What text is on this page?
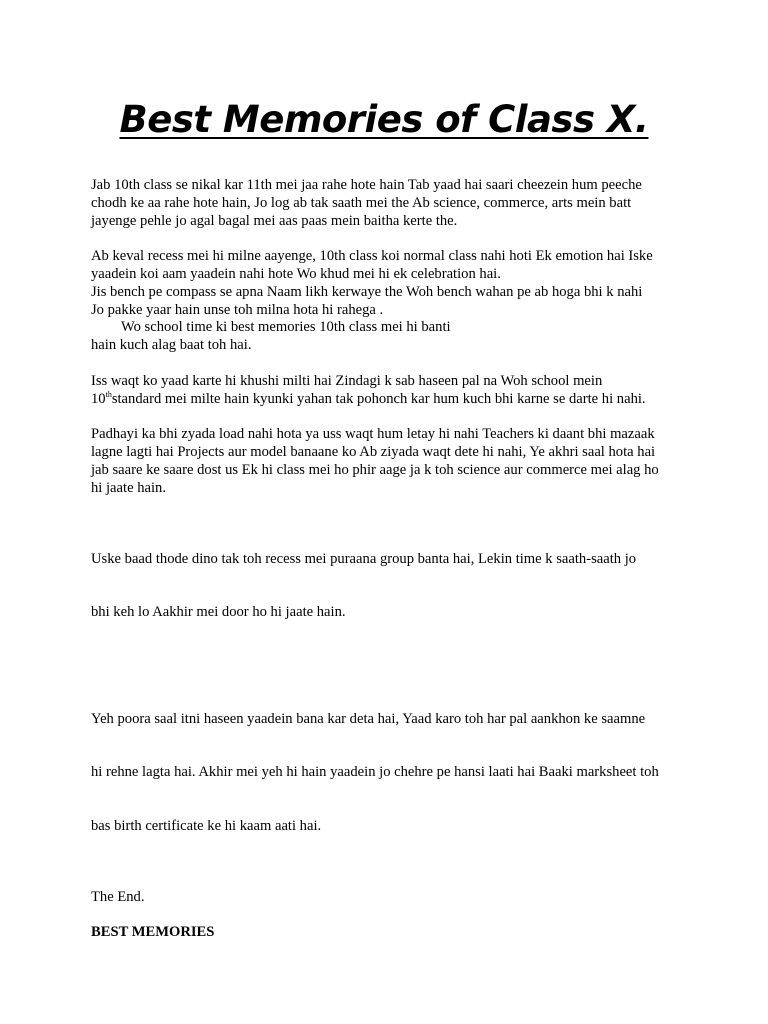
Best Memories of Class X.

Jab 10th class se nikal kar 11th mei jaa rahe hote hain Tab yaad hai saari cheezein hum peeche
chodh ke aa rahe hote hain, Jo log ab tak saath mei the Ab science, commerce, arts mein batt
jayenge pehle jo agal bagal mei aas paas mein baitha kerte the.

Ab keval recess mei hi milne aayenge, 10th class koi normal class nahi hoti Ek emotion hai Iske
yaadein koi aam yaadein nahi hote Wo khud mei hi ek celebration hai.
Jis bench pe compass se apna Naam likh kerwaye the Woh bench wahan pe ab hoga bhi k nahi
Jo pakke yaar hain unse toh milna hota hi rahega .
Wo school time ki best memories 10th class mei hi banti
hain kuch alag baat toh hai.

Iss waqt ko yaad karte hi khushi milti hai Zindagi k sab haseen pal na Woh school mein
10thstandard mei milte hain kyunki yahan tak pohonch kar hum kuch bhi karne se darte hi nahi.

Padhayi ka bhi zyada load nahi hota ya uss waqt hum letay hi nahi Teachers ki daant bhi mazaak
lagne lagti hai Projects aur model banaane ko Ab ziyada waqt dete hi nahi, Ye akhri saal hota hai
jab saare ke saare dost us Ek hi class mei ho phir aage ja k toh science aur commerce mei alag ho
hi jaate hain.

Uske baad thode dino tak toh recess mei puraana group banta hai, Lekin time k saath-saath jo

bhi keh lo Aakhir mei door ho hi jaate hain.

Yeh poora saal itni haseen yaadein bana kar deta hai, Yaad karo toh har pal aankhon ke saamne

hi rehne lagta hai. Akhir mei yeh hi hain yaadein jo chehre pe hansi laati hai Baaki marksheet toh

bas birth certificate ke hi kaam aati hai.

The End.

BEST MEMORIES
